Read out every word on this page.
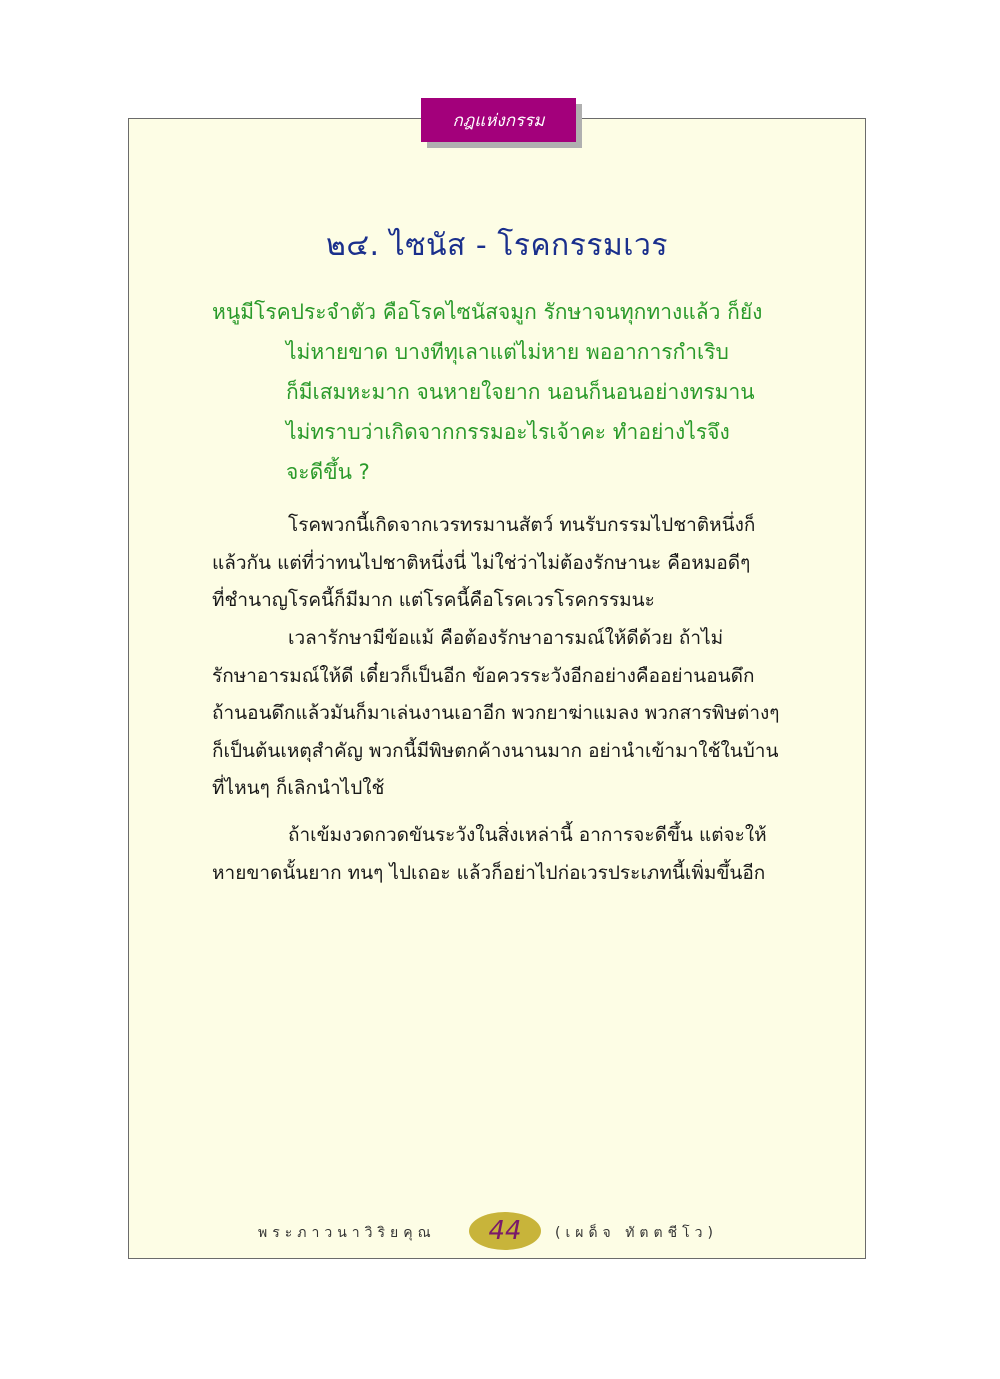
กฎแห่งกรรม
๒๔. ไซนัส - โรคกรรมเวร
หนูมีโรคประจำตัว คือโรคไซนัสจมูก รักษาจนทุกทางแล้ว ก็ยัง
ไม่หายขาด บางทีทุเลาแต่ไม่หาย พออาการกำเริบ
ก็มีเสมหะมาก จนหายใจยาก นอนก็นอนอย่างทรมาน
ไม่ทราบว่าเกิดจากกรรมอะไรเจ้าคะ ทำอย่างไรจึง
จะดีขึ้น ?
โรคพวกนี้เกิดจากเวรทรมานสัตว์ ทนรับกรรมไปชาติหนึ่งก็
แล้วกัน แต่ที่ว่าทนไปชาติหนึ่งนี่ ไม่ใช่ว่าไม่ต้องรักษานะ คือหมอดีๆ
ที่ชำนาญโรคนี้ก็มีมาก แต่โรคนี้คือโรคเวรโรคกรรมนะ
เวลารักษามีข้อแม้ คือต้องรักษาอารมณ์ให้ดีด้วย ถ้าไม่
รักษาอารมณ์ให้ดี เดี๋ยวก็เป็นอีก ข้อควรระวังอีกอย่างคืออย่านอนดึก
ถ้านอนดึกแล้วมันก็มาเล่นงานเอาอีก พวกยาฆ่าแมลง พวกสารพิษต่างๆ
ก็เป็นต้นเหตุสำคัญ พวกนี้มีพิษตกค้างนานมาก อย่านำเข้ามาใช้ในบ้าน
ที่ไหนๆ ก็เลิกนำไปใช้
ถ้าเข้มงวดกวดขันระวังในสิ่งเหล่านี้ อาการจะดีขึ้น แต่จะให้
หายขาดนั้นยาก ทนๆ ไปเถอะ แล้วก็อย่าไปก่อเวรประเภทนี้เพิ่มขึ้นอีก
พระภาวนาวิริยคุณ 44 (เผด็จ ทัตตชีโว)
